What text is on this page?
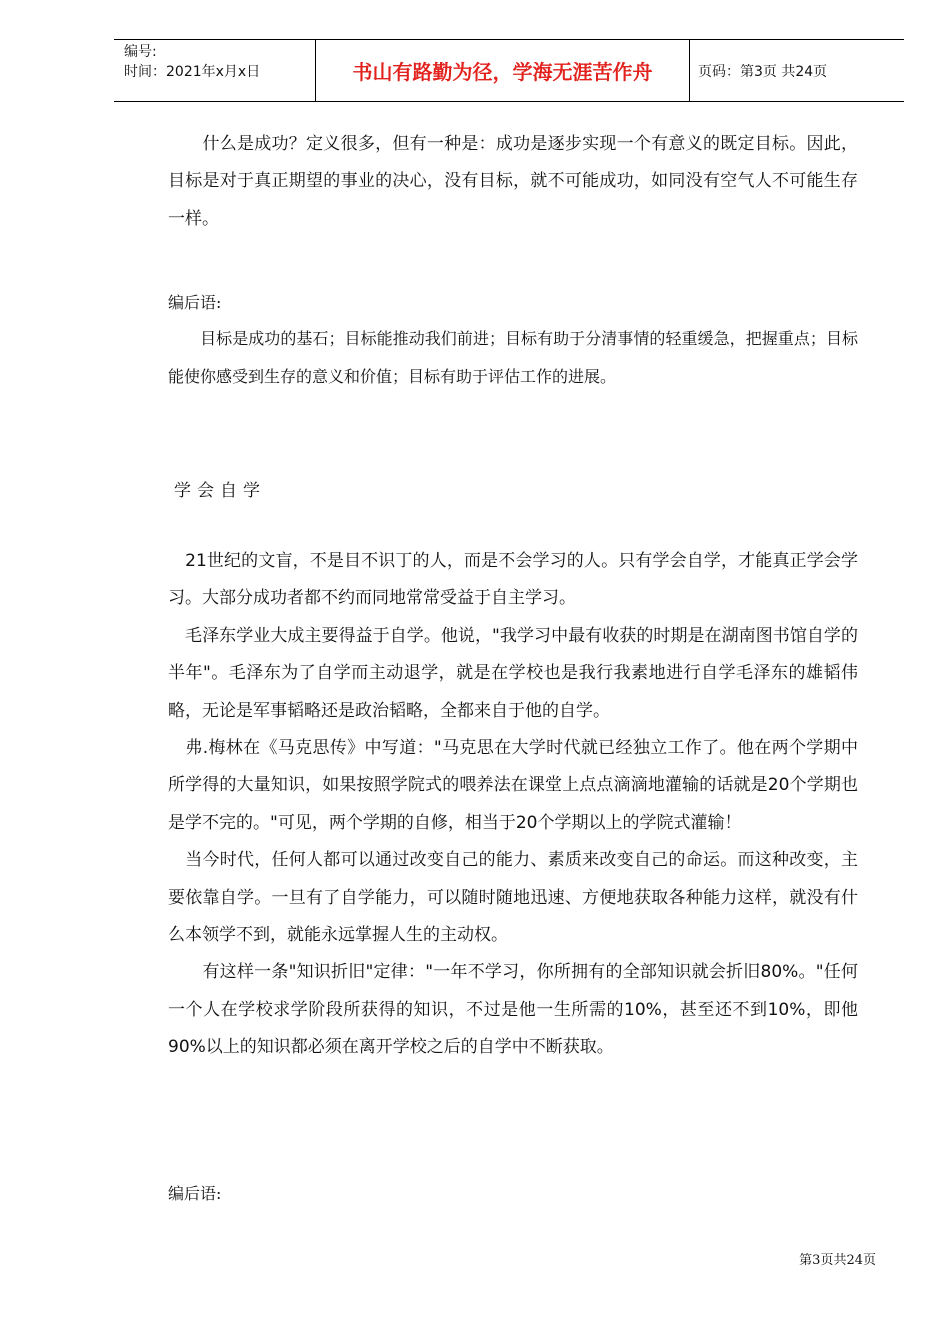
编号:
时间：2021年x月x日	书山有路勤为径，学海无涯苦作舟	页码：第3页 共24页

　　什么是成功？定义很多，但有一种是：成功是逐步实现一个有意义的既定目标。因此，目标是对于真正期望的事业的决心，没有目标，就不可能成功，如同没有空气人不可能生存一样。

编后语:

　　目标是成功的基石；目标能推动我们前进；目标有助于分清事情的轻重缓急，把握重点；目标能使你感受到生存的意义和价值；目标有助于评估工作的进展。

学会自学

　21世纪的文盲，不是目不识丁的人，而是不会学习的人。只有学会自学，才能真正学会学习。大部分成功者都不约而同地常常受益于自主学习。

　毛泽东学业大成主要得益于自学。他说，"我学习中最有收获的时期是在湖南图书馆自学的半年"。毛泽东为了自学而主动退学，就是在学校也是我行我素地进行自学毛泽东的雄韬伟略，无论是军事韬略还是政治韬略，全都来自于他的自学。

　弗.梅林在《马克思传》中写道："马克思在大学时代就已经独立工作了。他在两个学期中所学得的大量知识，如果按照学院式的喂养法在课堂上点点滴滴地灌输的话就是20个学期也是学不完的。"可见，两个学期的自修，相当于20个学期以上的学院式灌输！

　当今时代，任何人都可以通过改变自己的能力、素质来改变自己的命运。而这种改变，主要依靠自学。一旦有了自学能力，可以随时随地迅速、方便地获取各种能力这样，就没有什么本领学不到，就能永远掌握人生的主动权。

　　有这样一条"知识折旧"定律："一年不学习，你所拥有的全部知识就会折旧80%。"任何一个人在学校求学阶段所获得的知识，不过是他一生所需的10%，甚至还不到10%，即他90%以上的知识都必须在离开学校之后的自学中不断获取。

编后语:

第3页共24页
